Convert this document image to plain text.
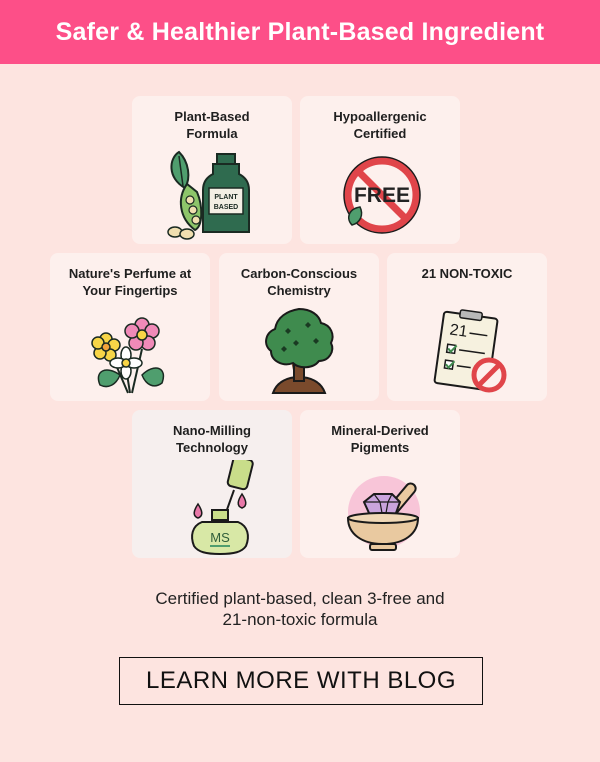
Safer & Healthier Plant-Based Ingredient
Plant-Based
Formula
PLANT
BASED
Hypoallergenic
Certified
FREE
Nature's Perfume at
Your Fingertips
Carbon-Conscious
Chemistry
21 NON-TOXIC
21
Nano-Milling
Technology
MS
Mineral-Derived
Pigments
Certified plant-based, clean 3-free and
21-non-toxic formula
LEARN MORE WITH BLOG
